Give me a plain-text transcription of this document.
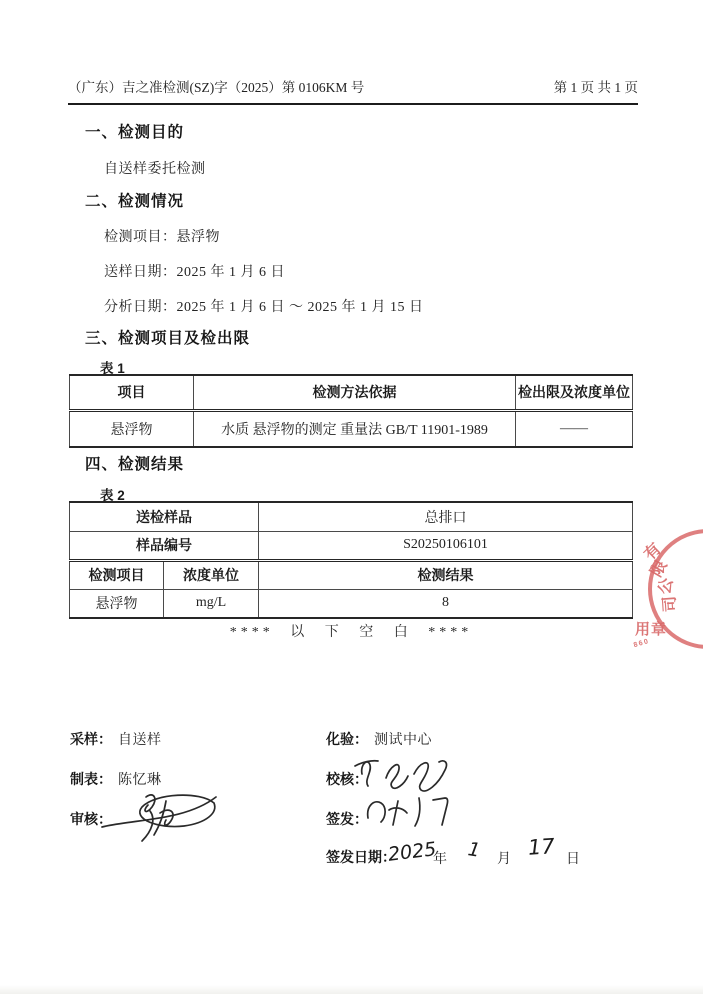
（广东）吉之准检测(SZ)字（2025）第 0106KM 号	第 1 页 共 1 页
一、检测目的
自送样委托检测
二、检测情况
检测项目：悬浮物
送样日期：2025 年 1 月 6 日
分析日期：2025 年 1 月 6 日 ～ 2025 年 1 月 15 日
三、检测项目及检出限
表 1
项目	检测方法依据	检出限及浓度单位
悬浮物	水质 悬浮物的测定 重量法 GB/T 11901-1989	——
四、检测结果
表 2
送检样品		总排口
样品编号		S20250106101
检测项目	浓度单位	检测结果
悬浮物	mg/L	8
**** 以 下 空 白 ****
采样： 自送样	化验： 测试中心
制表： 陈忆琳	校核：
审核：	签发：
签发日期：
2025
年 1 月 17 日
有
限
公
司
用章
860
